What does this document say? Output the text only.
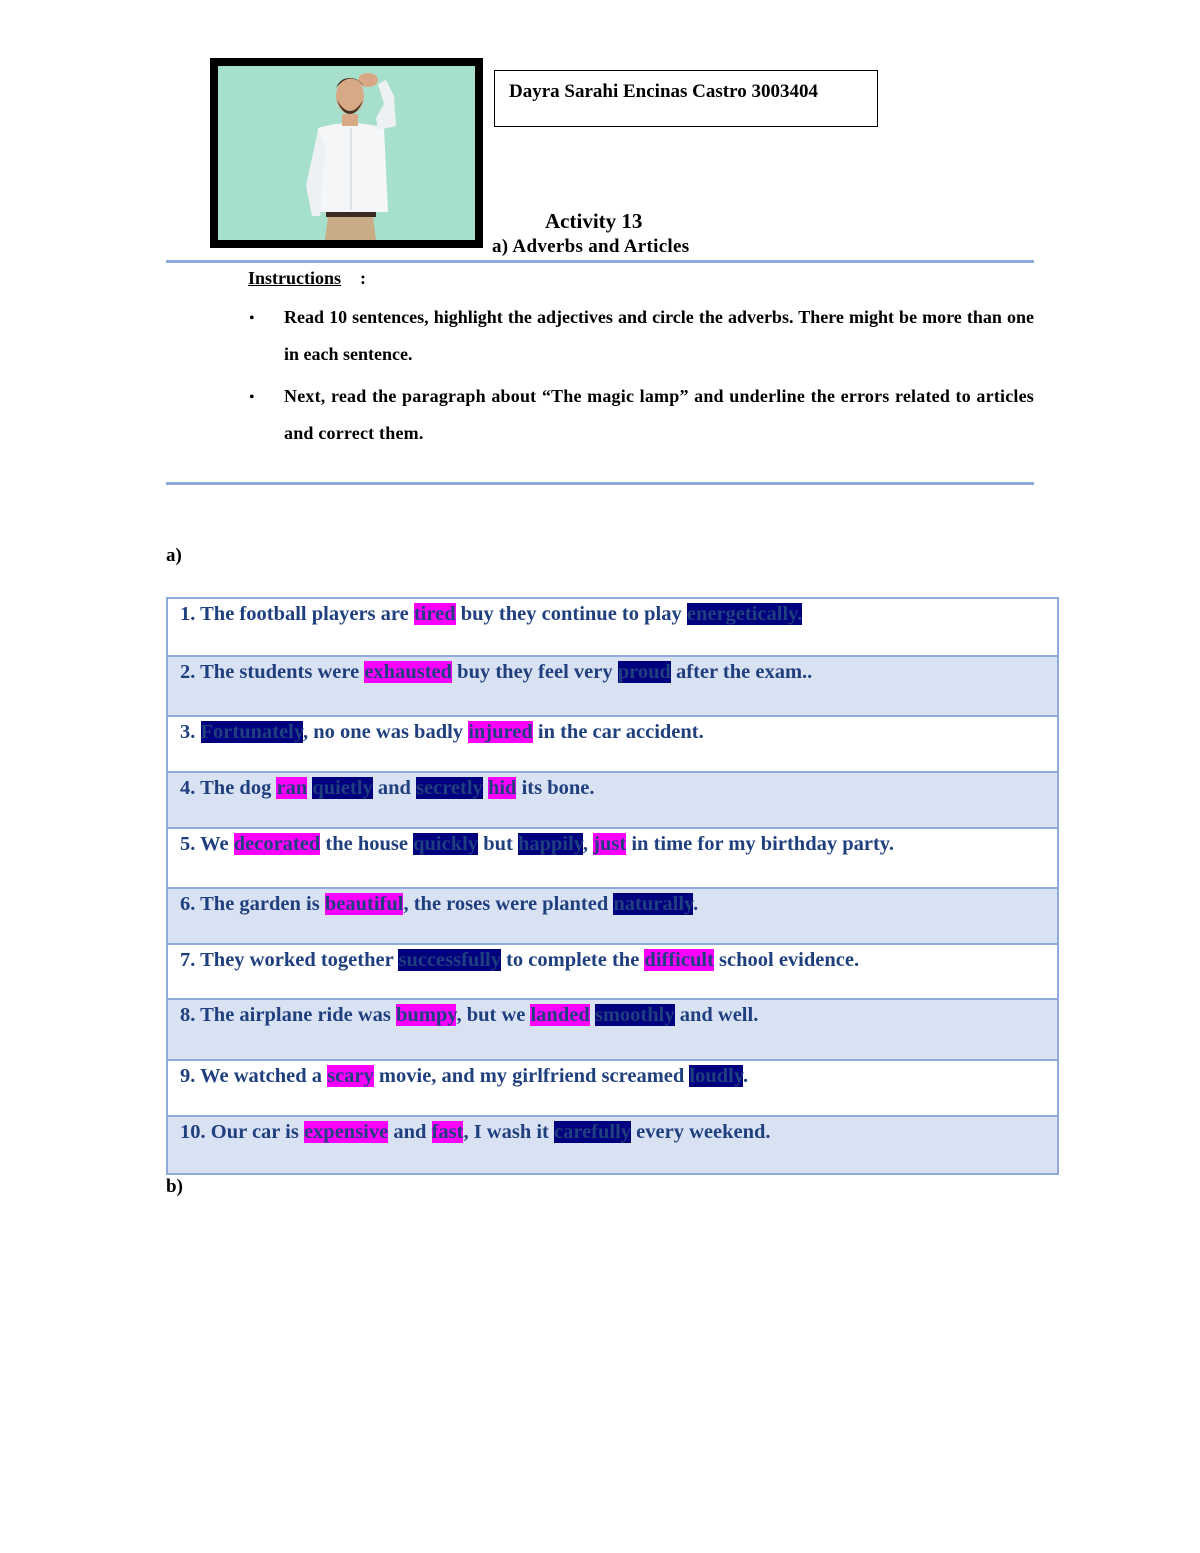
Dayra Sarahi Encinas Castro 3003404
Activity 13
a) Adverbs and Articles
Instructions :
• Read 10 sentences, highlight the adjectives and circle the adverbs. There might be more than one in each sentence.
• Next, read the paragraph about “The magic lamp” and underline the errors related to articles and correct them.
a)
1. The football players are tired buy they continue to play energetically.
2. The students were exhausted buy they feel very proud after the exam..
3. Fortunately, no one was badly injured in the car accident.
4. The dog ran quietly and secretly hid its bone.
5. We decorated the house quickly but happily, just in time for my birthday party.
6. The garden is beautiful, the roses were planted naturally.
7. They worked together successfully to complete the difficult school evidence.
8. The airplane ride was bumpy, but we landed smoothly and well.
9. We watched a scary movie, and my girlfriend screamed loudly.
10. Our car is expensive and fast, I wash it carefully every weekend.
b)
